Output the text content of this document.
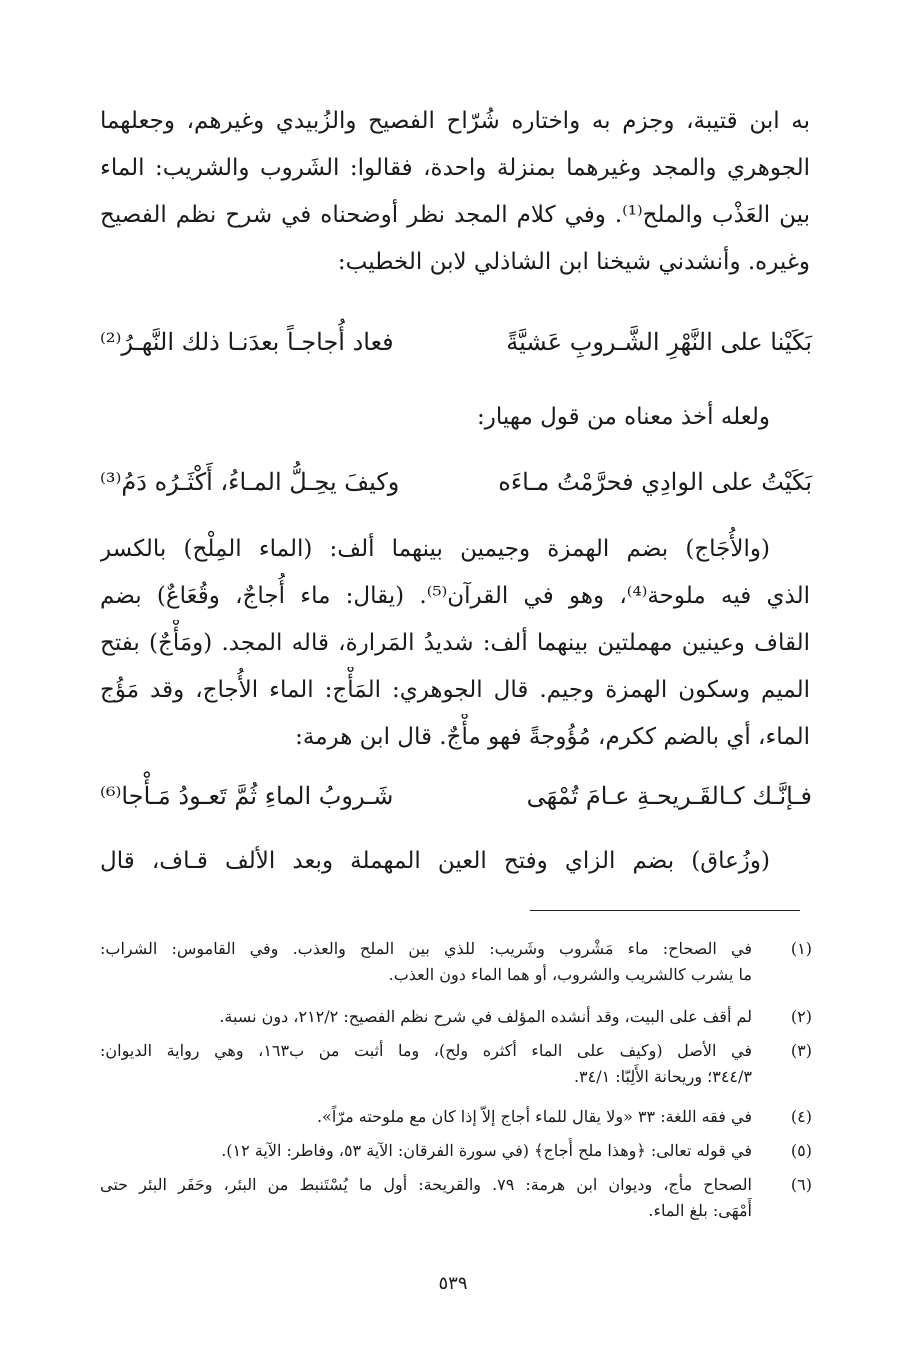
به ابن قتيبة، وجزم به واختاره شُرّاح الفصيح والزُبيدي وغيرهم، وجعلهما
الجوهري والمجد وغيرهما بمنزلة واحدة، فقالوا: الشَروب والشريب: الماء
بين العَذْب والملح⁽¹⁾. وفي كلام المجد نظر أوضحناه في شرح نظم الفصيح
وغيره. وأنشدني شيخنا ابن الشاذلي لابن الخطيب:
بَكَيْنا على النَّهْرِ الشَّـروبِ عَشيَّةً
فعاد أُجاجـاً بعدَنـا ذلك النَّهـرُ⁽²⁾
ولعله أخذ معناه من قول مهيار:
بَكَيْتُ على الوادِي فحرَّمْتُ مـاءَه
وكيفَ يحِـلُّ المـاءُ، أَكْثَـرُه دَمُ⁽³⁾
(والأُجَاج) بضم الهمزة وجيمين بينهما ألف: (الماء المِلْح) بالكسر
الذي فيه ملوحة⁽⁴⁾، وهو في القرآن⁽⁵⁾. (يقال: ماء أُجاجٌ، وقُعَاعٌ) بضم
القاف وعينين مهملتين بينهما ألف: شديدُ المَرارة، قاله المجد. (ومَأْجٌ) بفتح
الميم وسكون الهمزة وجيم. قال الجوهري: المَأْج: الماء الأُجاج، وقد مَؤُج
الماء، أي بالضم ككرم، مُؤُوجةً فهو مأْجٌ. قال ابن هرمة:
فـإنَّـك كـالقَـريحـةِ عـامَ تُمْهَى
شَـروبُ الماءِ ثُمَّ تَعـودُ مَـأْجا⁽⁶⁾
(وزُعاق) بضم الزاي وفتح العين المهملة وبعد الألف قـاف، قال
(١)
في الصحاح: ماء مَشْروب وشَريب: للذي بين الملح والعذب. وفي القاموس: الشراب:
ما يشرب كالشريب والشروب، أو هما الماء دون العذب.
(٢)
لم أقف على البيت، وقد أنشده المؤلف في شرح نظم الفصيح: ٢١٢/٢، دون نسبة.
(٣)
في الأصل (وكيف على الماء أكثره ولح)، وما أثبت من ب١٦٣، وهي رواية الديوان:
٣٤٤/٣؛ وريحانة الأَلِبّا: ٣٤/١.
(٤)
في فقه اللغة: ٣٣ «ولا يقال للماء أجاج إلاّ إذا كان مع ملوحته مرّاً».
(٥)
في قوله تعالى: ﴿وهذا ملح أُجاج﴾ (في سورة الفرقان: الآية ٥٣، وفاطر: الآية ١٢).
(٦)
الصحاح مأج، وديوان ابن هرمة: ٧٩. والقريحة: أول ما يُسْتَنبط من البئر، وحَفَر البئر حتى
أَمْهَى: بلغ الماء.
٥٣٩
